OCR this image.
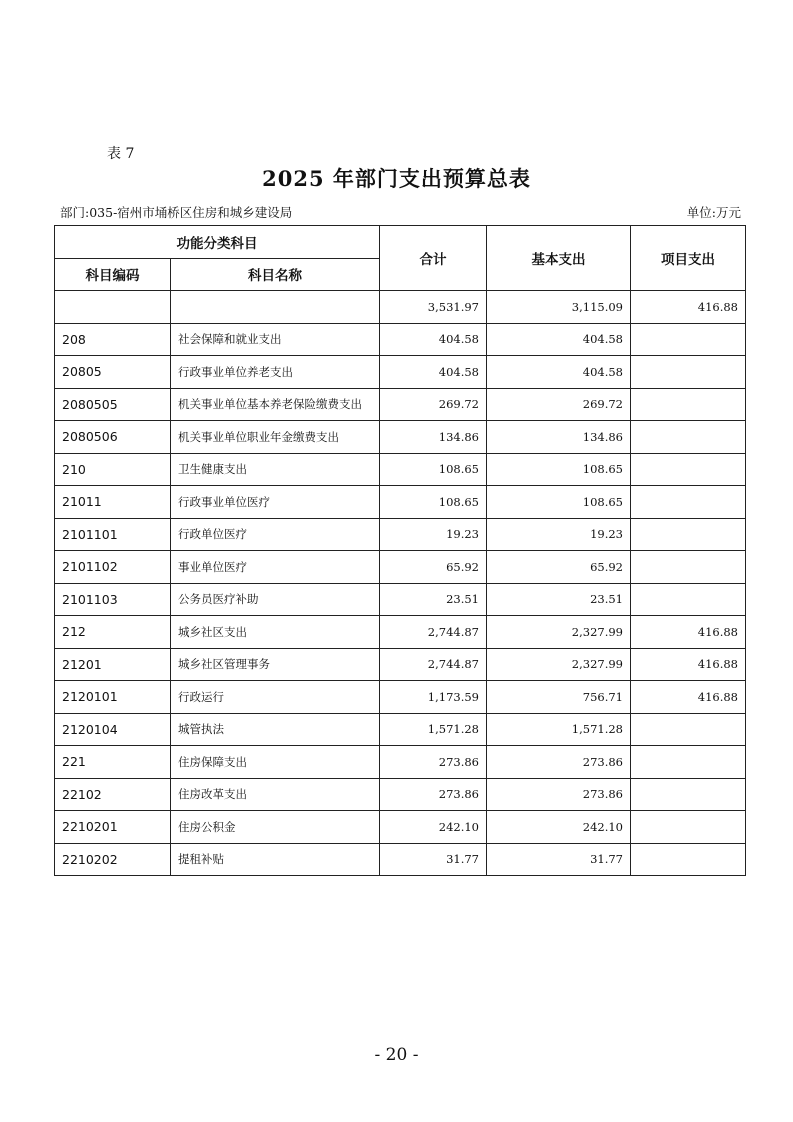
表 7
2025 年部门支出预算总表
部门:035-宿州市埇桥区住房和城乡建设局	单位:万元
功能分类科目		合计	基本支出	项目支出
科目编码	科目名称			
		3,531.97	3,115.09	416.88
208	社会保障和就业支出	404.58	404.58	
20805	行政事业单位养老支出	404.58	404.58	
2080505	机关事业单位基本养老保险缴费支出	269.72	269.72	
2080506	机关事业单位职业年金缴费支出	134.86	134.86	
210	卫生健康支出	108.65	108.65	
21011	行政事业单位医疗	108.65	108.65	
2101101	行政单位医疗	19.23	19.23	
2101102	事业单位医疗	65.92	65.92	
2101103	公务员医疗补助	23.51	23.51	
212	城乡社区支出	2,744.87	2,327.99	416.88
21201	城乡社区管理事务	2,744.87	2,327.99	416.88
2120101	行政运行	1,173.59	756.71	416.88
2120104	城管执法	1,571.28	1,571.28	
221	住房保障支出	273.86	273.86	
22102	住房改革支出	273.86	273.86	
2210201	住房公积金	242.10	242.10	
2210202	提租补贴	31.77	31.77	
- 20 -
